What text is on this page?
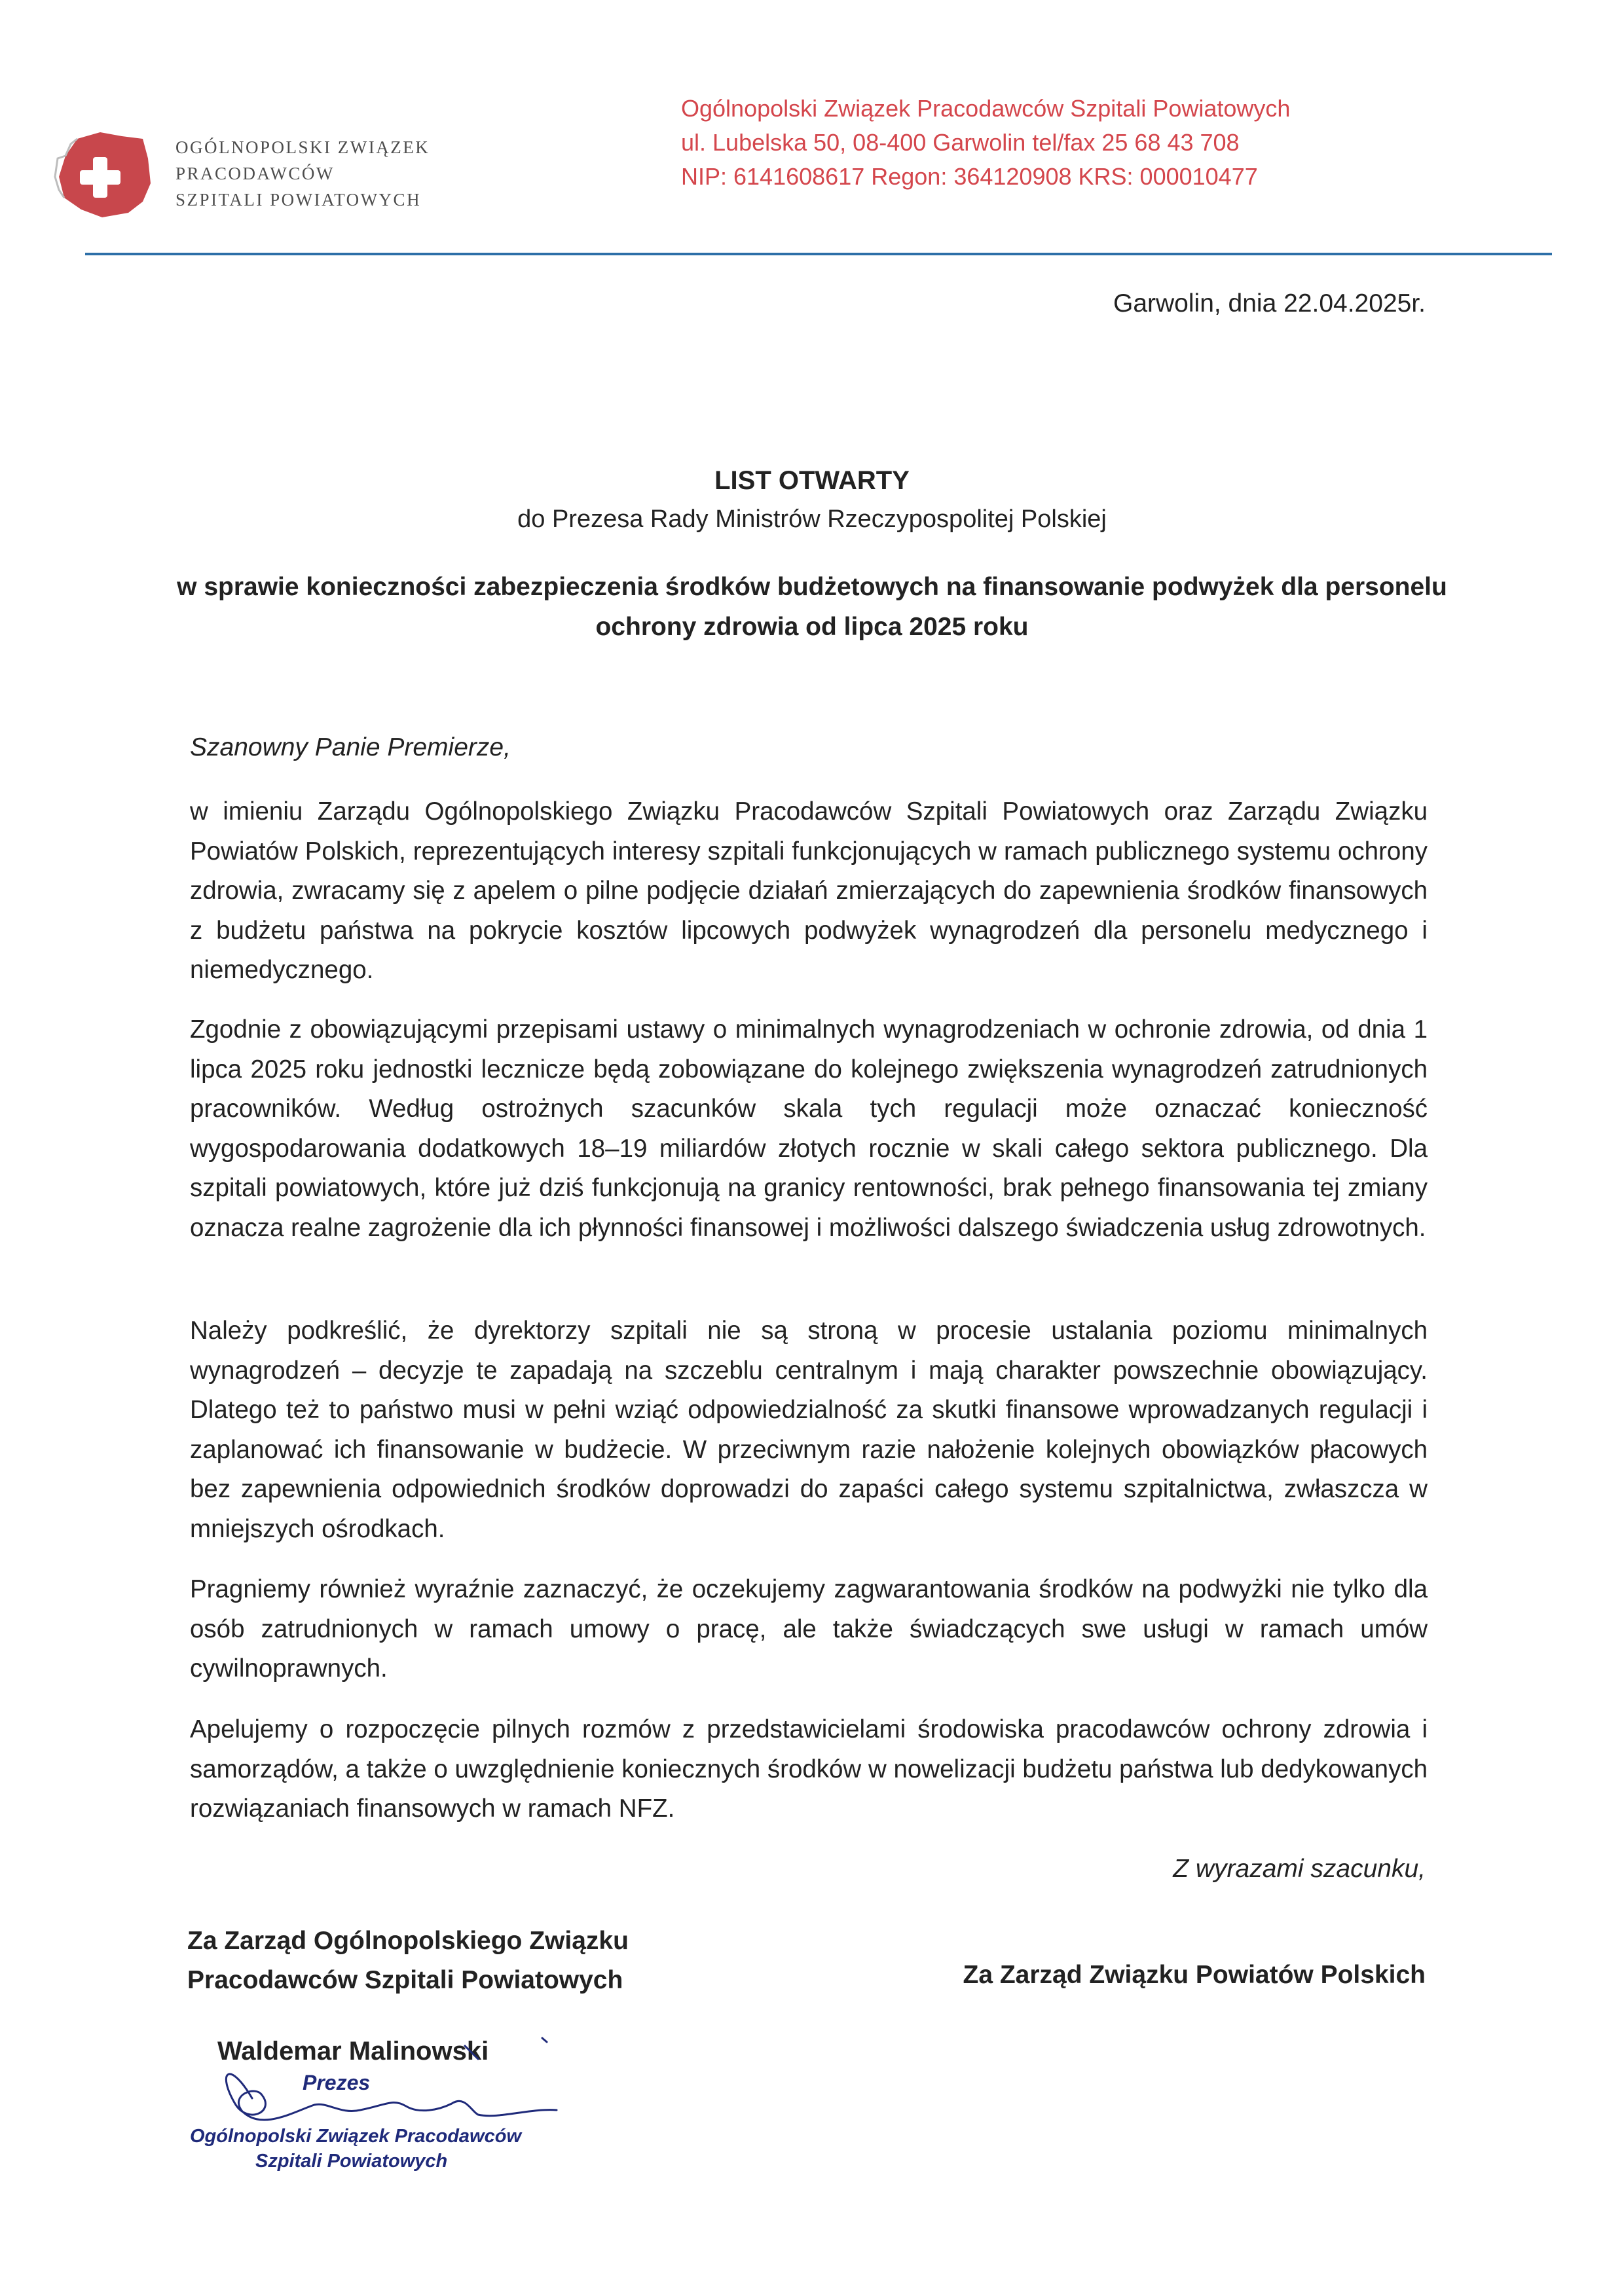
OGÓLNOPOLSKI ZWIĄZEK
PRACODAWCÓW
SZPITALI POWIATOWYCH
Ogólnopolski Związek Pracodawców Szpitali Powiatowych
ul. Lubelska 50, 08-400 Garwolin tel/fax 25 68 43 708
NIP: 6141608617 Regon: 364120908 KRS: 000010477
Garwolin, dnia 22.04.2025r.
LIST OTWARTY
do Prezesa Rady Ministrów Rzeczypospolitej Polskiej
w sprawie konieczności zabezpieczenia środków budżetowych na finansowanie podwyżek dla personelu ochrony zdrowia od lipca 2025 roku
Szanowny Panie Premierze,

w imieniu Zarządu Ogólnopolskiego Związku Pracodawców Szpitali Powiatowych oraz Zarządu Związku Powiatów Polskich, reprezentujących interesy szpitali funkcjonujących w ramach publicznego systemu ochrony zdrowia, zwracamy się z apelem o pilne podjęcie działań zmierzających do zapewnienia środków finansowych z budżetu państwa na pokrycie kosztów lipcowych podwyżek wynagrodzeń dla personelu medycznego i niemedycznego.

Zgodnie z obowiązującymi przepisami ustawy o minimalnych wynagrodzeniach w ochronie zdrowia, od dnia 1 lipca 2025 roku jednostki lecznicze będą zobowiązane do kolejnego zwiększenia wynagrodzeń zatrudnionych pracowników. Według ostrożnych szacunków skala tych regulacji może oznaczać konieczność wygospodarowania dodatkowych 18–19 miliardów złotych rocznie w skali całego sektora publicznego. Dla szpitali powiatowych, które już dziś funkcjonują na granicy rentowności, brak pełnego finansowania tej zmiany oznacza realne zagrożenie dla ich płynności finansowej i możliwości dalszego świadczenia usług zdrowotnych.

Należy podkreślić, że dyrektorzy szpitali nie są stroną w procesie ustalania poziomu minimalnych wynagrodzeń – decyzje te zapadają na szczeblu centralnym i mają charakter powszechnie obowiązujący. Dlatego też to państwo musi w pełni wziąć odpowiedzialność za skutki finansowe wprowadzanych regulacji i zaplanować ich finansowanie w budżecie. W przeciwnym razie nałożenie kolejnych obowiązków płacowych bez zapewnienia odpowiednich środków doprowadzi do zapaści całego systemu szpitalnictwa, zwłaszcza w mniejszych ośrodkach.

Pragniemy również wyraźnie zaznaczyć, że oczekujemy zagwarantowania środków na podwyżki nie tylko dla osób zatrudnionych w ramach umowy o pracę, ale także świadczących swe usługi w ramach umów cywilnoprawnych.

Apelujemy o rozpoczęcie pilnych rozmów z przedstawicielami środowiska pracodawców ochrony zdrowia i samorządów, a także o uwzględnienie koniecznych środków w nowelizacji budżetu państwa lub dedykowanych rozwiązaniach finansowych w ramach NFZ.

Z wyrazami szacunku,
Za Zarząd Ogólnopolskiego Związku
Pracodawców Szpitali Powiatowych	Za Zarząd Związku Powiatów Polskich
Waldemar Malinowski
Prezes
Ogólnopolski Związek Pracodawców
Szpitali Powiatowych
